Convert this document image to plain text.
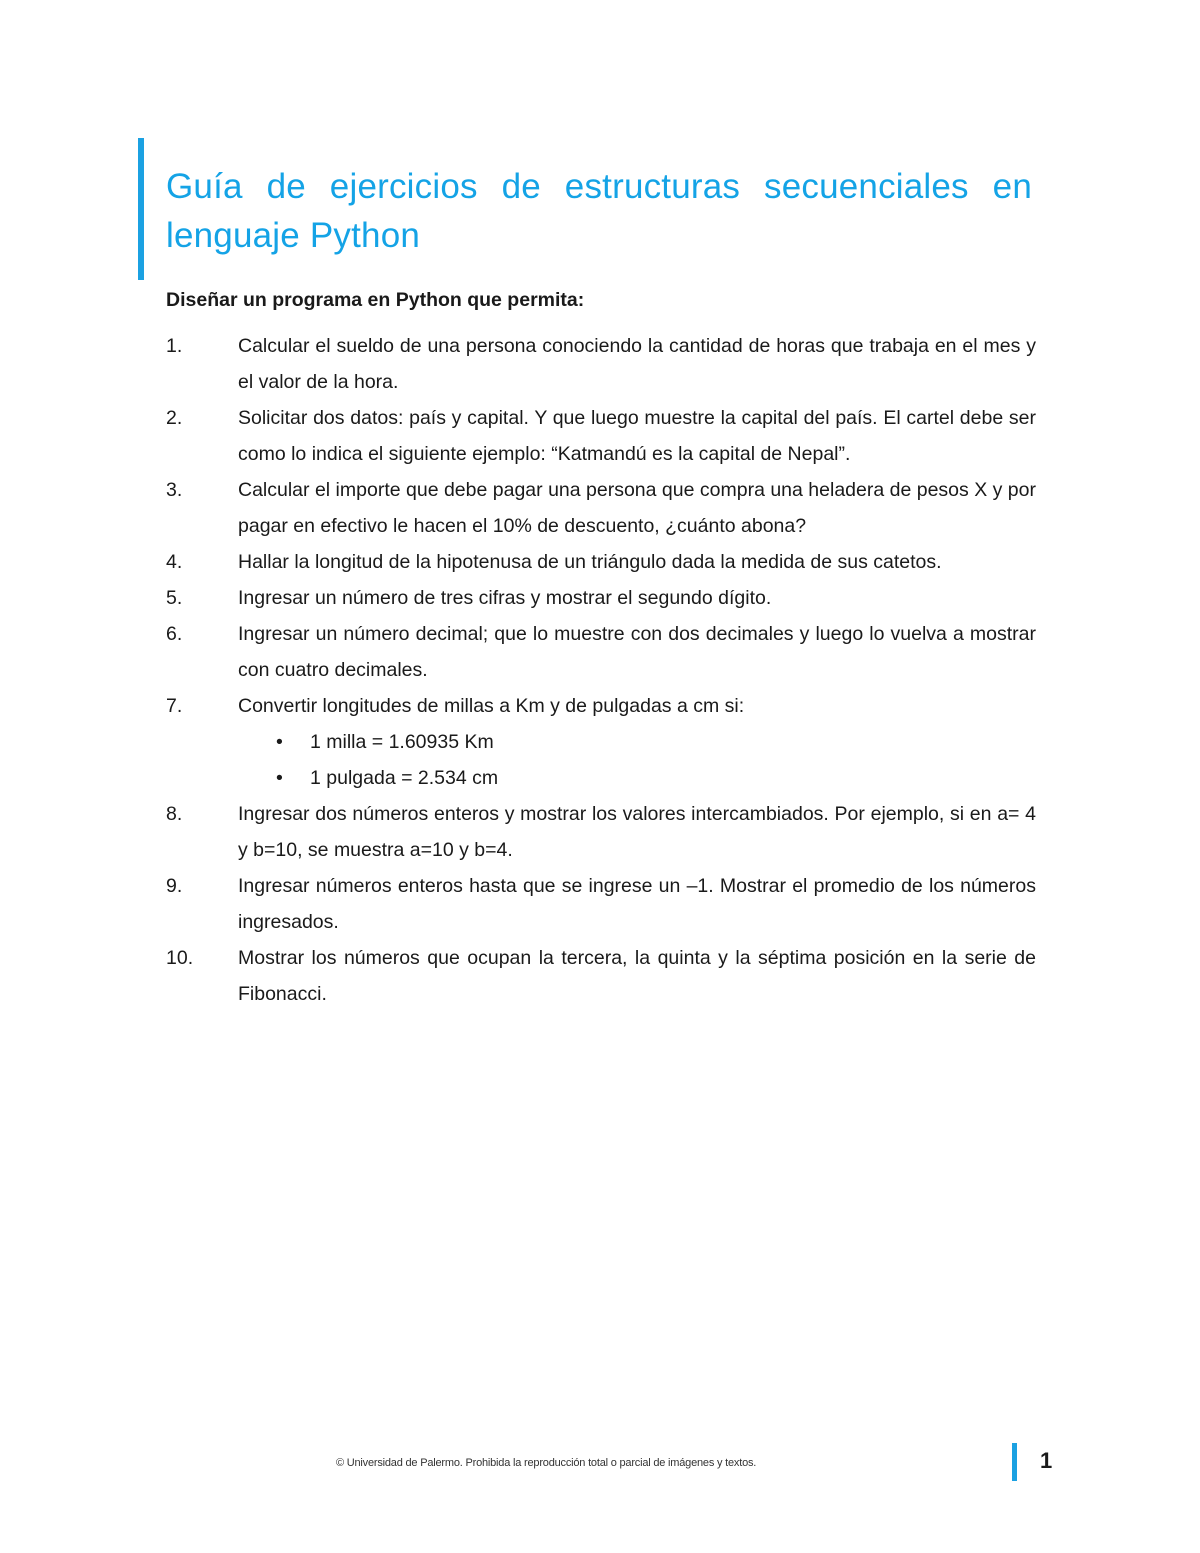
Guía de ejercicios de estructuras secuenciales en lenguaje Python

Diseñar un programa en Python que permita:

1.	Calcular el sueldo de una persona conociendo la cantidad de horas que trabaja en el mes y el valor de la hora.
2.	Solicitar dos datos: país y capital. Y que luego muestre la capital del país. El cartel debe ser como lo indica el siguiente ejemplo: “Katmandú es la capital de Nepal”.
3.	Calcular el importe que debe pagar una persona que compra una heladera de pesos X y por pagar en efectivo le hacen el 10% de descuento, ¿cuánto abona?
4.	Hallar la longitud de la hipotenusa de un triángulo dada la medida de sus catetos.
5.	Ingresar un número de tres cifras y mostrar el segundo dígito.
6.	Ingresar un número decimal; que lo muestre con dos decimales y luego lo vuelva a mostrar con cuatro decimales.
7.	Convertir longitudes de millas a Km y de pulgadas a cm si:
• 1 milla = 1.60935 Km
• 1 pulgada = 2.534 cm
8.	Ingresar dos números enteros y mostrar los valores intercambiados. Por ejemplo, si en a= 4 y b=10, se muestra a=10 y b=4.
9.	Ingresar números enteros hasta que se ingrese un –1. Mostrar el promedio de los números ingresados.
10.	Mostrar los números que ocupan la tercera, la quinta y la séptima posición en la serie de Fibonacci.
© Universidad de Palermo. Prohibida la reproducción total o parcial de imágenes y textos.	1
